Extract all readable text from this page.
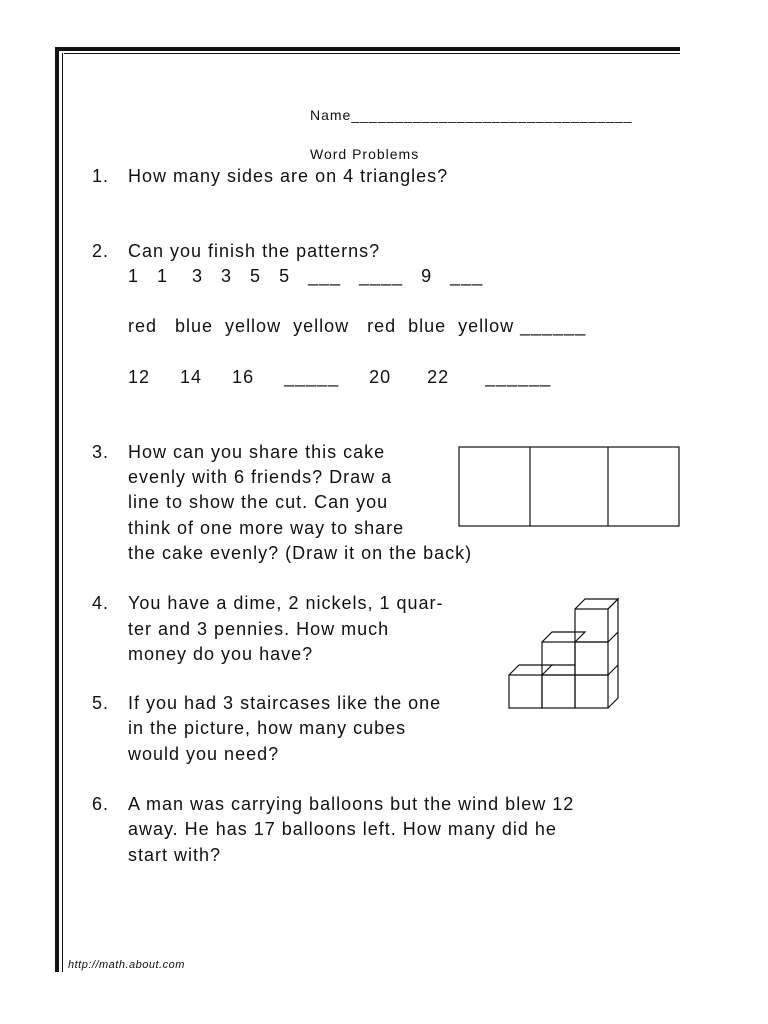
Name________________________________
Word Problems
1. How many sides are on 4 triangles?
2. Can you finish the patterns?
1   1    3   3   5   5   ___   ____   9   ___
red   blue  yellow  yellow   red  blue  yellow ______
12     14     16     _____     20      22      ______
3. How can you share this cake
evenly with 6 friends? Draw a
line to show the cut. Can you
think of one more way to share
the cake evenly? (Draw it on the back)
4. You have a dime, 2 nickels, 1 quar-
ter and 3 pennies. How much
money do you have?
5. If you had 3 staircases like the one
in the picture, how many cubes
would you need?
6. A man was carrying balloons but the wind blew 12
away. He has 17 balloons left. How many did he
start with?
http://math.about.com
